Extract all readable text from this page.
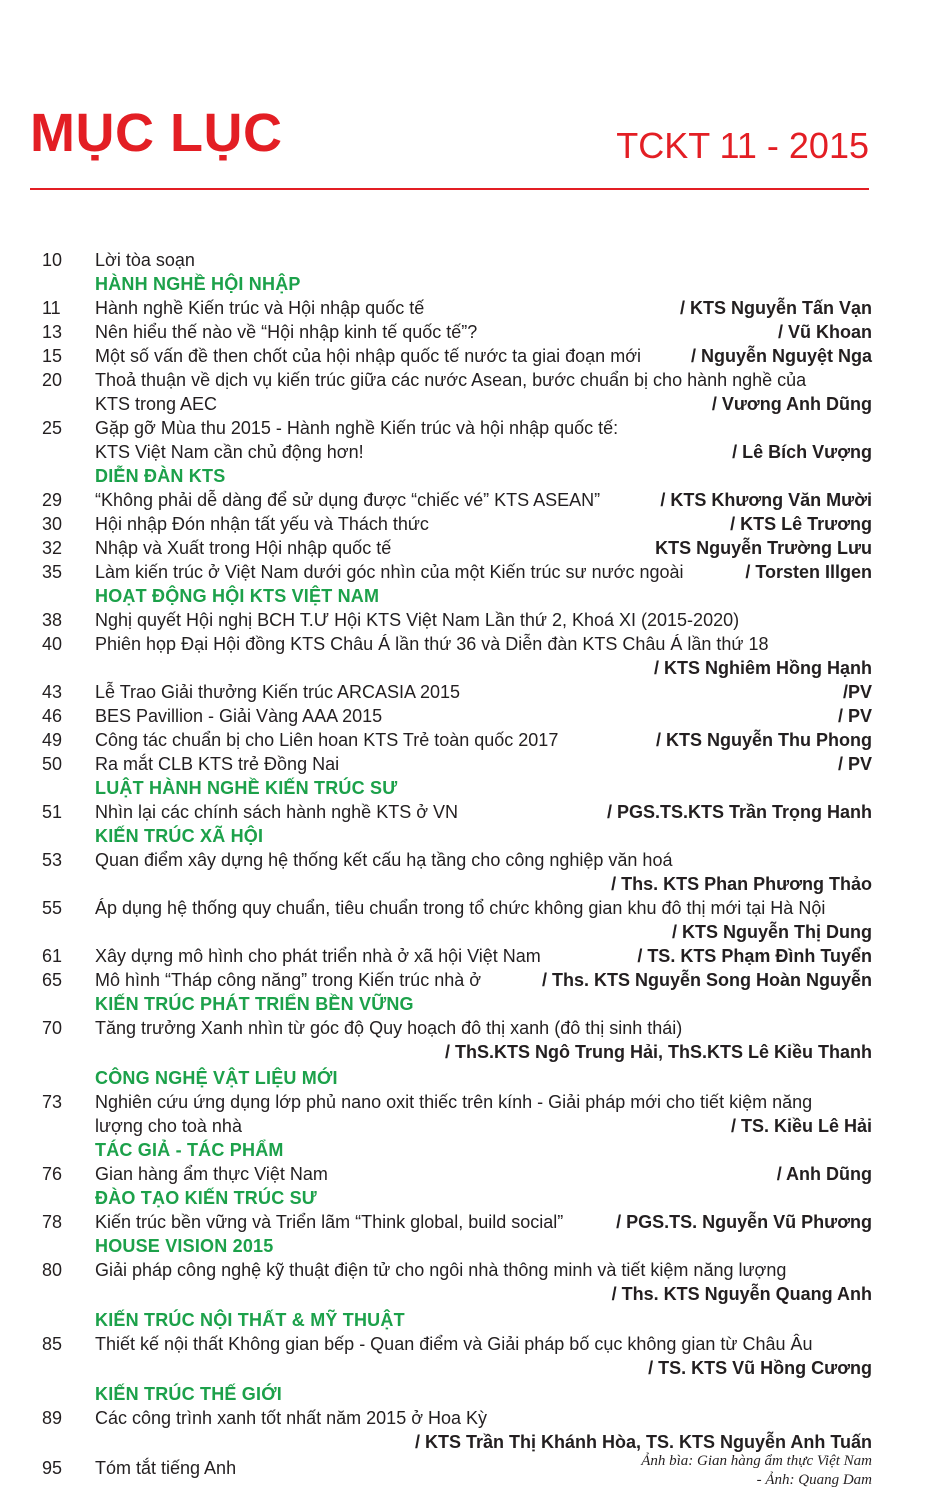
MỤC LỤC	TCKT 11 - 2015
10 Lời tòa soạn
HÀNH NGHỀ HỘI NHẬP
11 Hành nghề Kiến trúc và Hội nhập quốc tế	/ KTS Nguyễn Tấn Vạn
13 Nên hiểu thế nào về “Hội nhập kinh tế quốc tế”?	/ Vũ Khoan
15 Một số vấn đề then chốt của hội nhập quốc tế nước ta giai đoạn mới	/ Nguyễn Nguyệt Nga
20 Thoả thuận về dịch vụ kiến trúc giữa các nước Asean, bước chuẩn bị cho hành nghề của
KTS trong AEC	/ Vương Anh Dũng
25 Gặp gỡ Mùa thu 2015 - Hành nghề Kiến trúc và hội nhập quốc tế:
KTS Việt Nam cần chủ động hơn!	/ Lê Bích Vượng
DIỄN ĐÀN KTS
29 “Không phải dễ dàng để sử dụng được “chiếc vé” KTS ASEAN”	/ KTS Khương Văn Mười
30 Hội nhập Đón nhận tất yếu và Thách thức	/ KTS Lê Trương
32 Nhập và Xuất trong Hội nhập quốc tế	KTS Nguyễn Trường Lưu
35 Làm kiến trúc ở Việt Nam dưới góc nhìn của một Kiến trúc sư nước ngoài	/ Torsten Illgen
HOẠT ĐỘNG HỘI KTS VIỆT NAM
38 Nghị quyết Hội nghị BCH T.Ư Hội KTS Việt Nam Lần thứ 2, Khoá XI (2015-2020)
40 Phiên họp Đại Hội đồng KTS Châu Á lần thứ 36 và Diễn đàn KTS Châu Á lần thứ 18
/ KTS Nghiêm Hồng Hạnh
43 Lễ Trao Giải thưởng Kiến trúc ARCASIA 2015	/PV
46 BES Pavillion - Giải Vàng AAA 2015	/ PV
49 Công tác chuẩn bị cho Liên hoan KTS Trẻ toàn quốc 2017	/ KTS Nguyễn Thu Phong
50 Ra mắt CLB KTS trẻ Đồng Nai	/ PV
LUẬT HÀNH NGHỀ KIẾN TRÚC SƯ
51 Nhìn lại các chính sách hành nghề KTS ở VN	/ PGS.TS.KTS Trần Trọng Hanh
KIẾN TRÚC XÃ HỘI
53 Quan điểm xây dựng hệ thống kết cấu hạ tầng cho công nghiệp văn hoá
/ Ths. KTS Phan Phương Thảo
55 Áp dụng hệ thống quy chuẩn, tiêu chuẩn trong tổ chức không gian khu đô thị mới tại Hà Nội
/ KTS Nguyễn Thị Dung
61 Xây dựng mô hình cho phát triển nhà ở xã hội Việt Nam	/ TS. KTS Phạm Đình Tuyển
65 Mô hình “Tháp công năng” trong Kiến trúc nhà ở	/ Ths. KTS Nguyễn Song Hoàn Nguyễn
KIẾN TRÚC PHÁT TRIỂN BỀN VỮNG
70 Tăng trưởng Xanh nhìn từ góc độ Quy hoạch đô thị xanh (đô thị sinh thái)
/ ThS.KTS Ngô Trung Hải, ThS.KTS Lê Kiều Thanh
CÔNG NGHỆ VẬT LIỆU MỚI
73 Nghiên cứu ứng dụng lớp phủ nano oxit thiếc trên kính - Giải pháp mới cho tiết kiệm năng
lượng cho toà nhà	/ TS. Kiều Lê Hải
TÁC GIẢ - TÁC PHẨM
76 Gian hàng ẩm thực Việt Nam	/ Anh Dũng
ĐÀO TẠO KIẾN TRÚC SƯ
78 Kiến trúc bền vững và Triển lãm “Think global, build social”	/ PGS.TS. Nguyễn Vũ Phương
HOUSE VISION 2015
80 Giải pháp công nghệ kỹ thuật điện tử cho ngôi nhà thông minh và tiết kiệm năng lượng
/ Ths. KTS Nguyễn Quang Anh
KIẾN TRÚC NỘI THẤT & MỸ THUẬT
85 Thiết kế nội thất Không gian bếp - Quan điểm và Giải pháp bố cục không gian từ Châu Âu
/ TS. KTS Vũ Hồng Cương
KIẾN TRÚC THẾ GIỚI
89 Các công trình xanh tốt nhất năm 2015 ở Hoa Kỳ
/ KTS Trần Thị Khánh Hòa, TS. KTS Nguyễn Anh Tuấn
95 Tóm tắt tiếng Anh	Ảnh bìa: Gian hàng ẩm thực Việt Nam
- Ảnh: Quang Dam
